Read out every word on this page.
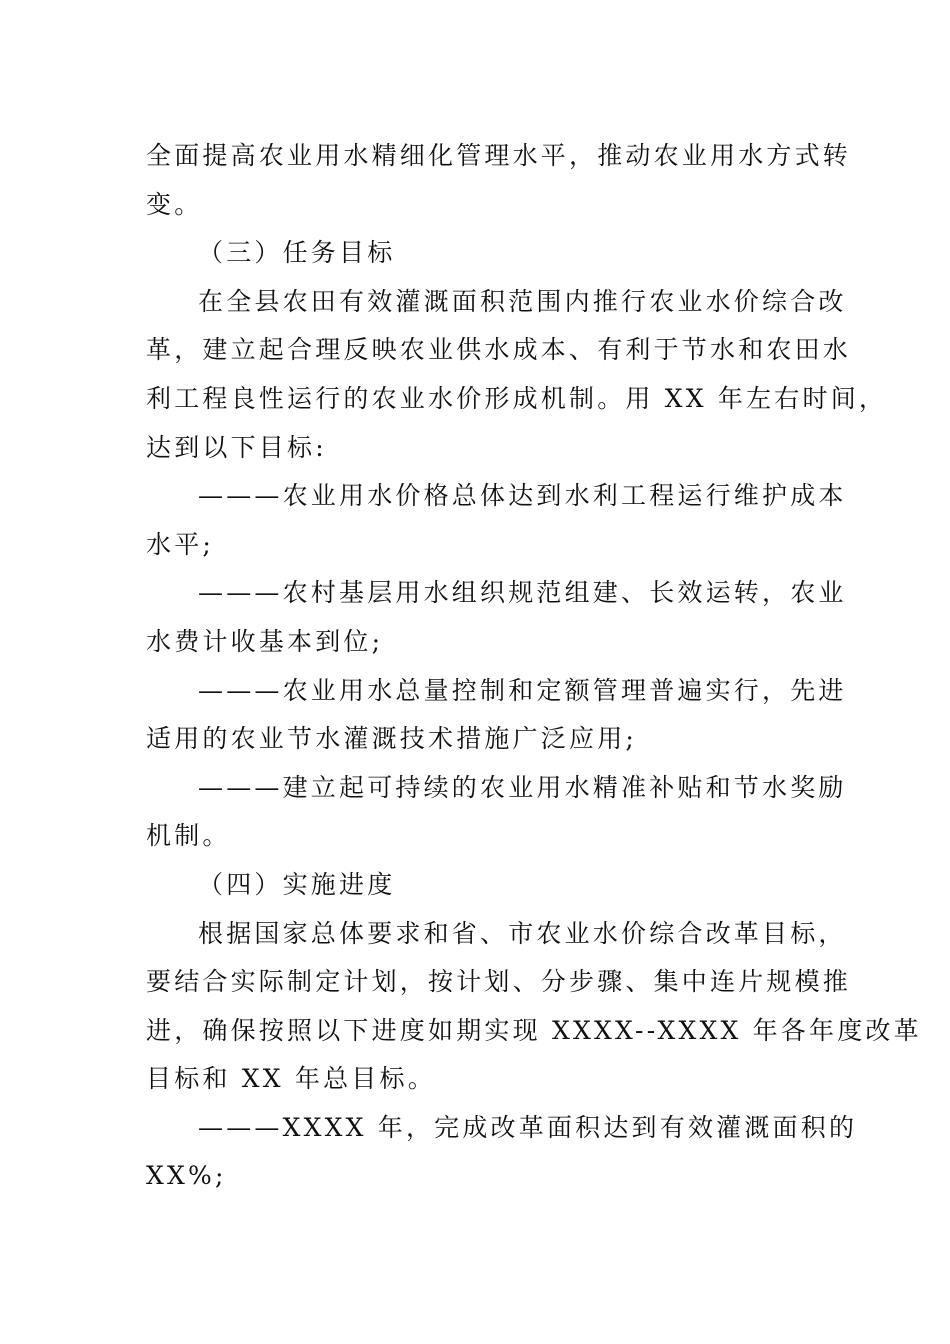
全面提高农业用水精细化管理水平，推动农业用水方式转
变。
（三）任务目标
在全县农田有效灌溉面积范围内推行农业水价综合改
革，建立起合理反映农业供水成本、有利于节水和农田水
利工程良性运行的农业水价形成机制。用 XX 年左右时间，
达到以下目标:
———农业用水价格总体达到水利工程运行维护成本
水平;
———农村基层用水组织规范组建、长效运转，农业
水费计收基本到位;
———农业用水总量控制和定额管理普遍实行，先进
适用的农业节水灌溉技术措施广泛应用;
———建立起可持续的农业用水精准补贴和节水奖励
机制。
（四）实施进度
根据国家总体要求和省、市农业水价综合改革目标，
要结合实际制定计划，按计划、分步骤、集中连片规模推
进，确保按照以下进度如期实现 XXXX--XXXX 年各年度改革
目标和 XX 年总目标。
———XXXX 年，完成改革面积达到有效灌溉面积的
XX%;
